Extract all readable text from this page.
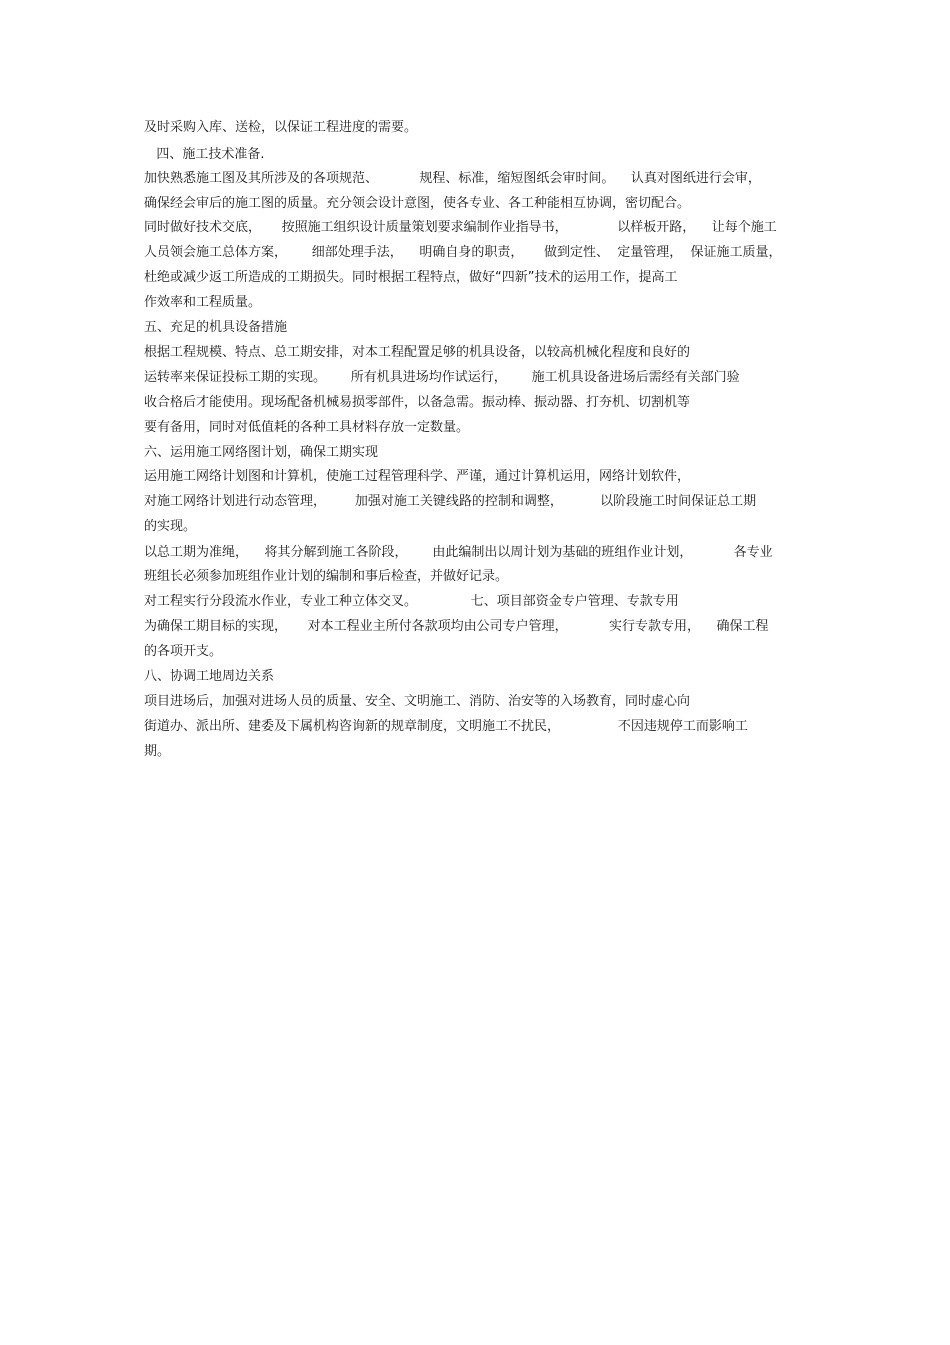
及时采购入库、送检，以保证工程进度的需要。
四、施工技术准备.
加快熟悉施工图及其所涉及的各项规范、          规程、标准，缩短图纸会审时间。    认真对图纸进行会审，
确保经会审后的施工图的质量。充分领会设计意图，使各专业、各工种能相互协调，密切配合。
同时做好技术交底，     按照施工组织设计质量策划要求编制作业指导书，            以样板开路，    让每个施工
人员领会施工总体方案，      细部处理手法，    明确自身的职责，     做到定性、  定量管理，  保证施工质量，
杜绝或减少返工所造成的工期损失。同时根据工程特点，做好“四新”技术的运用工作，提高工
作效率和工程质量。
五、充足的机具设备措施
根据工程规模、特点、总工期安排，对本工程配置足够的机具设备，以较高机械化程度和良好的
运转率来保证投标工期的实现。      所有机具进场均作试运行，      施工机具设备进场后需经有关部门验
收合格后才能使用。现场配备机械易损零部件，以备急需。振动棒、振动器、打夯机、切割机等
要有备用，同时对低值耗的各种工具材料存放一定数量。
六、运用施工网络图计划，确保工期实现
运用施工网络计划图和计算机，使施工过程管理科学、严谨，通过计算机运用，网络计划软件，
对施工网络计划进行动态管理，       加强对施工关键线路的控制和调整，         以阶段施工时间保证总工期
的实现。
以总工期为准绳，    将其分解到施工各阶段，      由此编制出以周计划为基础的班组作业计划，          各专业
班组长必须参加班组作业计划的编制和事后检查，并做好记录。
对工程实行分段流水作业，专业工种立体交叉。             七、项目部资金专户管理、专款专用
为确保工期目标的实现，     对本工程业主所付各款项均由公司专户管理，          实行专款专用，    确保工程
的各项开支。
八、协调工地周边关系
项目进场后，加强对进场人员的质量、安全、文明施工、消防、治安等的入场教育，同时虚心向
街道办、派出所、建委及下属机构咨询新的规章制度，文明施工不扰民，              不因违规停工而影响工
期。
